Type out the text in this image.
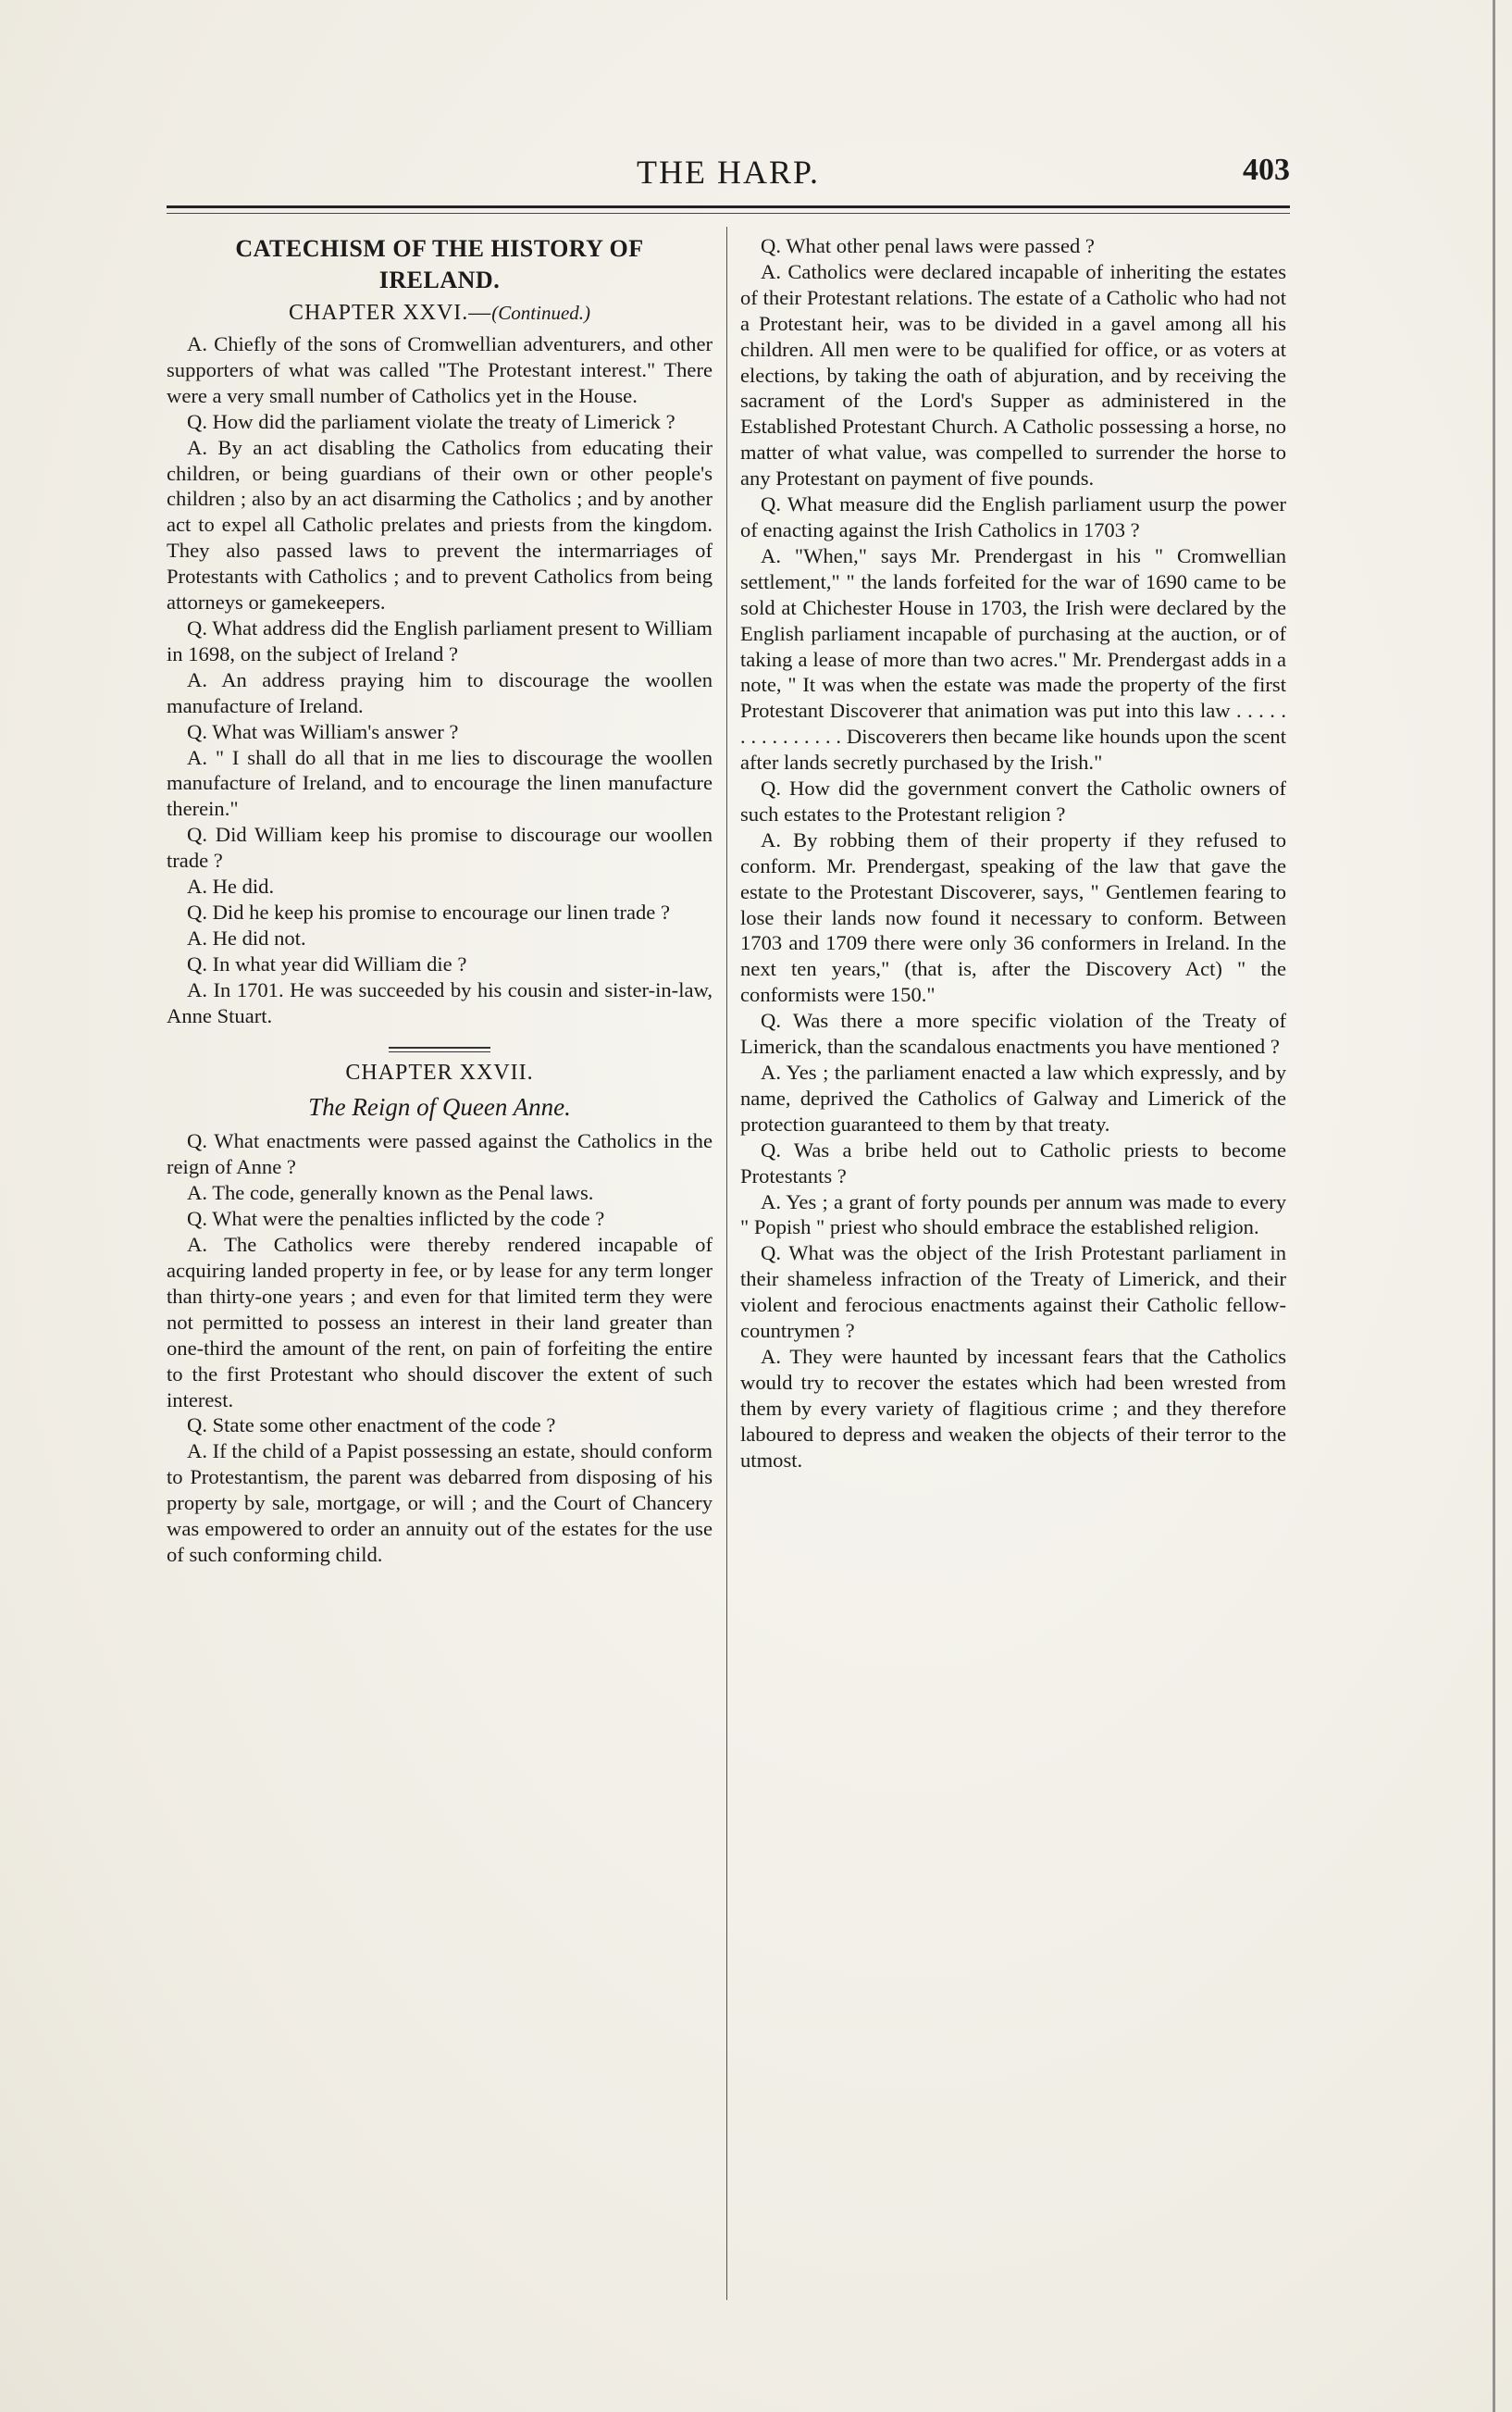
THE HARP.	403
CATECHISM OF THE HISTORY OF
IRELAND.
CHAPTER XXVI.—(Continued.)

A. Chiefly of the sons of Cromwellian adventurers, and other supporters of what was called "The Protestant interest." There were a very small number of Catholics yet in the House.

Q. How did the parliament violate the treaty of Limerick ?

A. By an act disabling the Catholics from educating their children, or being guardians of their own or other people's children ; also by an act disarming the Catholics ; and by another act to expel all Catholic prelates and priests from the kingdom. They also passed laws to prevent the intermarriages of Protestants with Catholics ; and to prevent Catholics from being attorneys or gamekeepers.

Q. What address did the English parliament present to William in 1698, on the subject of Ireland ?

A. An address praying him to discourage the woollen manufacture of Ireland.

Q. What was William's answer ?

A. " I shall do all that in me lies to discourage the woollen manufacture of Ireland, and to encourage the linen manufacture therein."

Q. Did William keep his promise to discourage our woollen trade ?

A. He did.

Q. Did he keep his promise to encourage our linen trade ?

A. He did not.

Q. In what year did William die ?

A. In 1701. He was succeeded by his cousin and sister-in-law, Anne Stuart.

CHAPTER XXVII.
The Reign of Queen Anne.

Q. What enactments were passed against the Catholics in the reign of Anne ?

A. The code, generally known as the Penal laws.

Q. What were the penalties inflicted by the code ?

A. The Catholics were thereby rendered incapable of acquiring landed property in fee, or by lease for any term longer than thirty-one years ; and even for that limited term they were not permitted to possess an interest in their land greater than one-third the amount of the rent, on pain of forfeiting the entire to the first Protestant who should discover the extent of such interest.

Q. State some other enactment of the code ?

A. If the child of a Papist possessing an estate, should conform to Protestantism, the parent was debarred from disposing of his property by sale, mortgage, or will ; and the Court of Chancery was empowered to order an annuity out of the estates for the use of such conforming child.

Q. What other penal laws were passed ?

A. Catholics were declared incapable of inheriting the estates of their Protestant relations. The estate of a Catholic who had not a Protestant heir, was to be divided in a gavel among all his children. All men were to be qualified for office, or as voters at elections, by taking the oath of abjuration, and by receiving the sacrament of the Lord's Supper as administered in the Established Protestant Church. A Catholic possessing a horse, no matter of what value, was compelled to surrender the horse to any Protestant on payment of five pounds.

Q. What measure did the English parliament usurp the power of enacting against the Irish Catholics in 1703 ?

A. "When," says Mr. Prendergast in his " Cromwellian settlement," " the lands forfeited for the war of 1690 came to be sold at Chichester House in 1703, the Irish were declared by the English parliament incapable of purchasing at the auction, or of taking a lease of more than two acres." Mr. Prendergast adds in a note, " It was when the estate was made the property of the first Protestant Discoverer that animation was put into this law . . . . . . . . . . . . . . . Discoverers then became like hounds upon the scent after lands secretly purchased by the Irish."

Q. How did the government convert the Catholic owners of such estates to the Protestant religion ?

A. By robbing them of their property if they refused to conform. Mr. Prendergast, speaking of the law that gave the estate to the Protestant Discoverer, says, " Gentlemen fearing to lose their lands now found it necessary to conform. Between 1703 and 1709 there were only 36 conformers in Ireland. In the next ten years," (that is, after the Discovery Act) " the conformists were 150."

Q. Was there a more specific violation of the Treaty of Limerick, than the scandalous enactments you have mentioned ?

A. Yes ; the parliament enacted a law which expressly, and by name, deprived the Catholics of Galway and Limerick of the protection guaranteed to them by that treaty.

Q. Was a bribe held out to Catholic priests to become Protestants ?

A. Yes ; a grant of forty pounds per annum was made to every " Popish " priest who should embrace the established religion.

Q. What was the object of the Irish Protestant parliament in their shameless infraction of the Treaty of Limerick, and their violent and ferocious enactments against their Catholic fellow-countrymen ?

A. They were haunted by incessant fears that the Catholics would try to recover the estates which had been wrested from them by every variety of flagitious crime ; and they therefore laboured to depress and weaken the objects of their terror to the utmost.
